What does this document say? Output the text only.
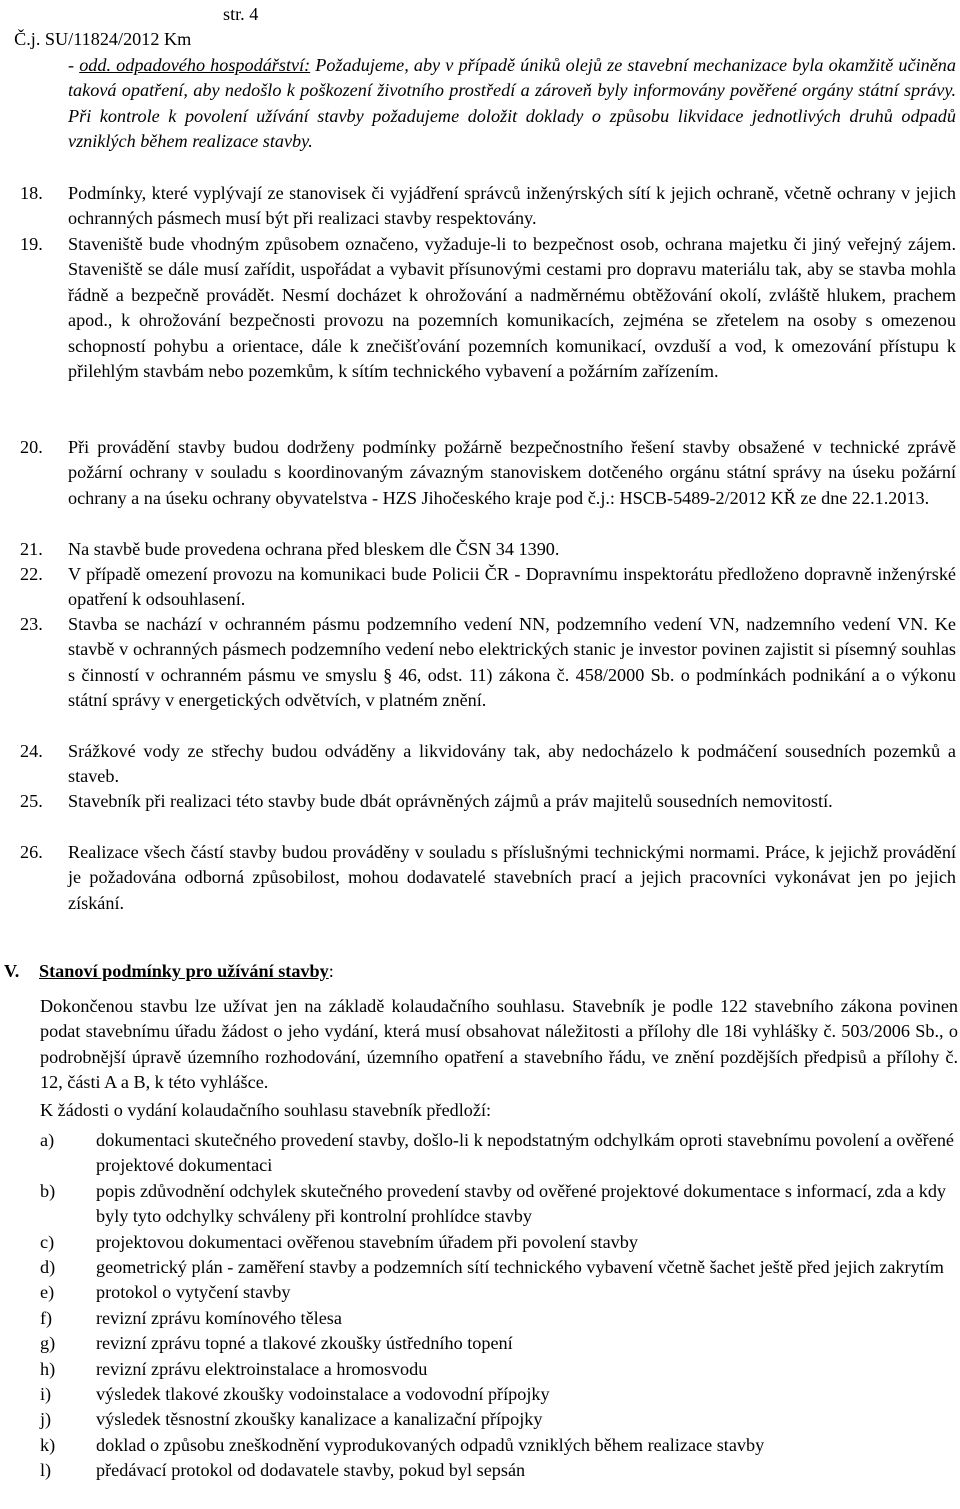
Č.j. SU/11824/2012 Km

str. 4

- odd. odpadového hospodářství: Požadujeme, aby v případě úniků olejů ze stavební mechanizace byla okamžitě učiněna taková opatření, aby nedošlo k poškození životního prostředí a zároveň byly informovány pověřené orgány státní správy. Při kontrole k povolení užívání stavby požadujeme doložit doklady o způsobu likvidace jednotlivých druhů odpadů vzniklých během realizace stavby.
18. Podmínky, které vyplývají ze stanovisek či vyjádření správců inženýrských sítí k jejich ochraně, včetně ochrany v jejich ochranných pásmech musí být při realizaci stavby respektovány.
19. Staveniště bude vhodným způsobem označeno, vyžaduje-li to bezpečnost osob, ochrana majetku či jiný veřejný zájem. Staveniště se dále musí zařídit, uspořádat a vybavit přísunovými cestami pro dopravu materiálu tak, aby se stavba mohla řádně a bezpečně provádět. Nesmí docházet k ohrožování a nadměrnému obtěžování okolí, zvláště hlukem, prachem apod., k ohrožování bezpečnosti provozu na pozemních komunikacích, zejména se zřetelem na osoby s omezenou schopností pohybu a orientace, dále k znečišťování pozemních komunikací, ovzduší a vod, k omezování přístupu k přilehlým stavbám nebo pozemkům, k sítím technického vybavení a požárním zařízením.
20. Při provádění stavby budou dodrženy podmínky požárně bezpečnostního řešení stavby obsažené v technické zprávě požární ochrany v souladu s koordinovaným závazným stanoviskem dotčeného orgánu státní správy na úseku požární ochrany a na úseku ochrany obyvatelstva - HZS Jihočeského kraje pod č.j.: HSCB-5489-2/2012 KŘ ze dne 22.1.2013.
21. Na stavbě bude provedena ochrana před bleskem dle ČSN 34 1390.
22. V případě omezení provozu na komunikaci bude Policii ČR - Dopravnímu inspektorátu předloženo dopravně inženýrské opatření k odsouhlasení.
23. Stavba se nachází v ochranném pásmu podzemního vedení NN, podzemního vedení VN, nadzemního vedení VN. Ke stavbě v ochranných pásmech podzemního vedení nebo elektrických stanic je investor povinen zajistit si písemný souhlas s činností v ochranném pásmu ve smyslu § 46, odst. 11) zákona č. 458/2000 Sb. o podmínkách podnikání a o výkonu státní správy v energetických odvětvích, v platném znění.
24. Srážkové vody ze střechy budou odváděny a likvidovány tak, aby nedocházelo k podmáčení sousedních pozemků a staveb.
25. Stavebník při realizaci této stavby bude dbát oprávněných zájmů a práv majitelů sousedních nemovitostí.
26. Realizace všech částí stavby budou prováděny v souladu s příslušnými technickými normami. Práce, k jejichž provádění je požadována odborná způsobilost, mohou dodavatelé stavebních prací a jejich pracovníci vykonávat jen po jejich získání.
V. Stanoví podmínky pro užívání stavby:
Dokončenou stavbu lze užívat jen na základě kolaudačního souhlasu. Stavebník je podle 122 stavebního zákona povinen podat stavebnímu úřadu žádost o jeho vydání, která musí obsahovat náležitosti a přílohy dle 18i vyhlášky č. 503/2006 Sb., o podrobnější úpravě územního rozhodování, územního opatření a stavebního řádu, ve znění pozdějších předpisů a přílohy č. 12, části A a B, k této vyhlášce.
K žádosti o vydání kolaudačního souhlasu stavebník předloží:
a) dokumentaci skutečného provedení stavby, došlo-li k nepodstatným odchylkám oproti stavebnímu povolení a ověřené projektové dokumentaci
b) popis zdůvodnění odchylek skutečného provedení stavby od ověřené projektové dokumentace s informací, zda a kdy byly tyto odchylky schváleny při kontrolní prohlídce stavby
c) projektovou dokumentaci ověřenou stavebním úřadem při povolení stavby
d) geometrický plán - zaměření stavby a podzemních sítí technického vybavení včetně šachet ještě před jejich zakrytím
e) protokol o vytyčení stavby
f) revizní zprávu komínového tělesa
g) revizní zprávu topné a tlakové zkoušky ústředního topení
h) revizní zprávu elektroinstalace a hromosvodu
i) výsledek tlakové zkoušky vodoinstalace a vodovodní přípojky
j) výsledek těsnostní zkoušky kanalizace a kanalizační přípojky
k) doklad o způsobu zneškodnění vyprodukovaných odpadů vzniklých během realizace stavby
l) předávací protokol od dodavatele stavby, pokud byl sepsán
